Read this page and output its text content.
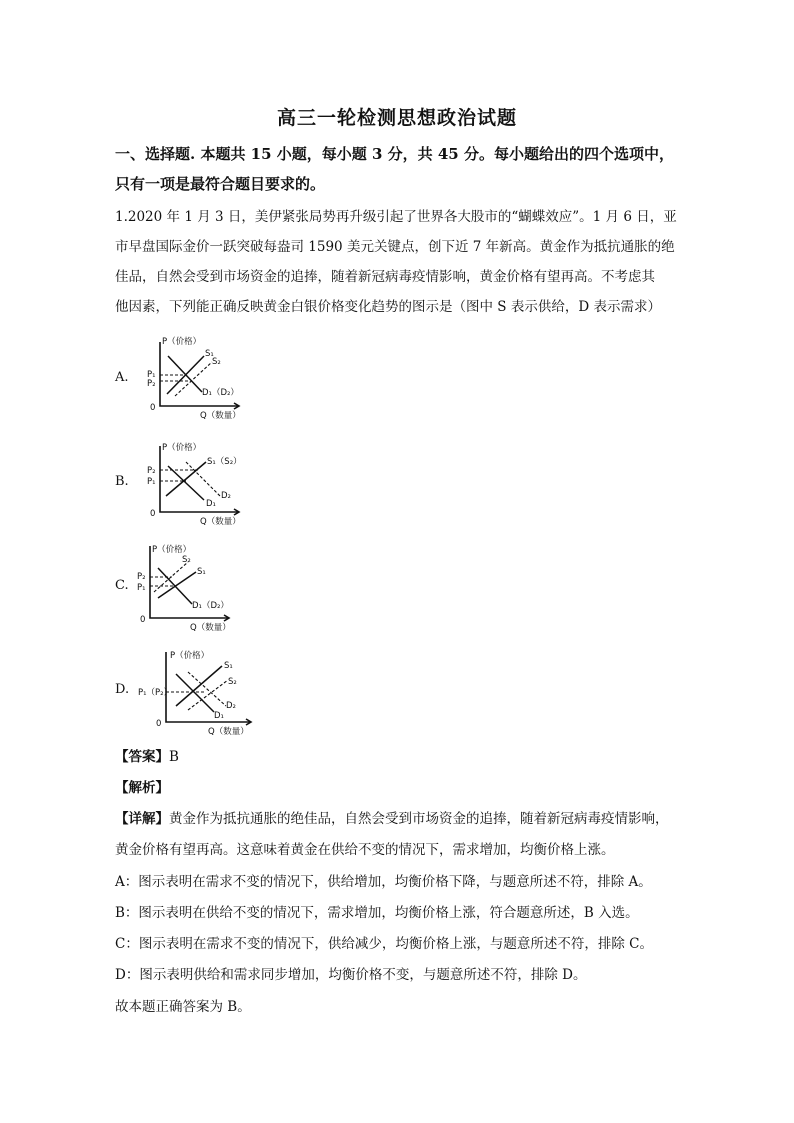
高三一轮检测思想政治试题
一、选择题. 本题共 15 小题，每小题 3 分，共 45 分。每小题给出的四个选项中，
只有一项是最符合题目要求的。
1.2020 年 1 月 3 日，美伊紧张局势再升级引起了世界各大股市的“蝴蝶效应”。1 月 6 日，亚
市早盘国际金价一跃突破每盎司 1590 美元关键点，创下近 7 年新高。黄金作为抵抗通胀的绝
佳品，自然会受到市场资金的追捧，随着新冠病毒疫情影响，黄金价格有望再高。不考虑其
他因素，下列能正确反映黄金白银价格变化趋势的图示是（图中 S 表示供给，D 表示需求）
A.
P（价格）
Q（数量）
0
P₁
P₂
S₁
S₂
D₁（D₂）
B.
P（价格）
Q（数量）
0
P₂
P₁
S₁（S₂）
D₂
D₁
C.
P（价格）
Q（数量）
0
P₂
P₁
S₂
S₁
D₁（D₂）
D.
P（价格）
Q（数量）
0
P₁（P₂）
S₁
S₂
D₂
D₁
【答案】B
【解析】
【详解】黄金作为抵抗通胀的绝佳品，自然会受到市场资金的追捧，随着新冠病毒疫情影响，
黄金价格有望再高。这意味着黄金在供给不变的情况下，需求增加，均衡价格上涨。
A：图示表明在需求不变的情况下，供给增加，均衡价格下降，与题意所述不符，排除 A。
B：图示表明在供给不变的情况下，需求增加，均衡价格上涨，符合题意所述，B 入选。
C：图示表明在需求不变的情况下，供给减少，均衡价格上涨，与题意所述不符，排除 C。
D：图示表明供给和需求同步增加，均衡价格不变，与题意所述不符，排除 D。
故本题正确答案为 B。
